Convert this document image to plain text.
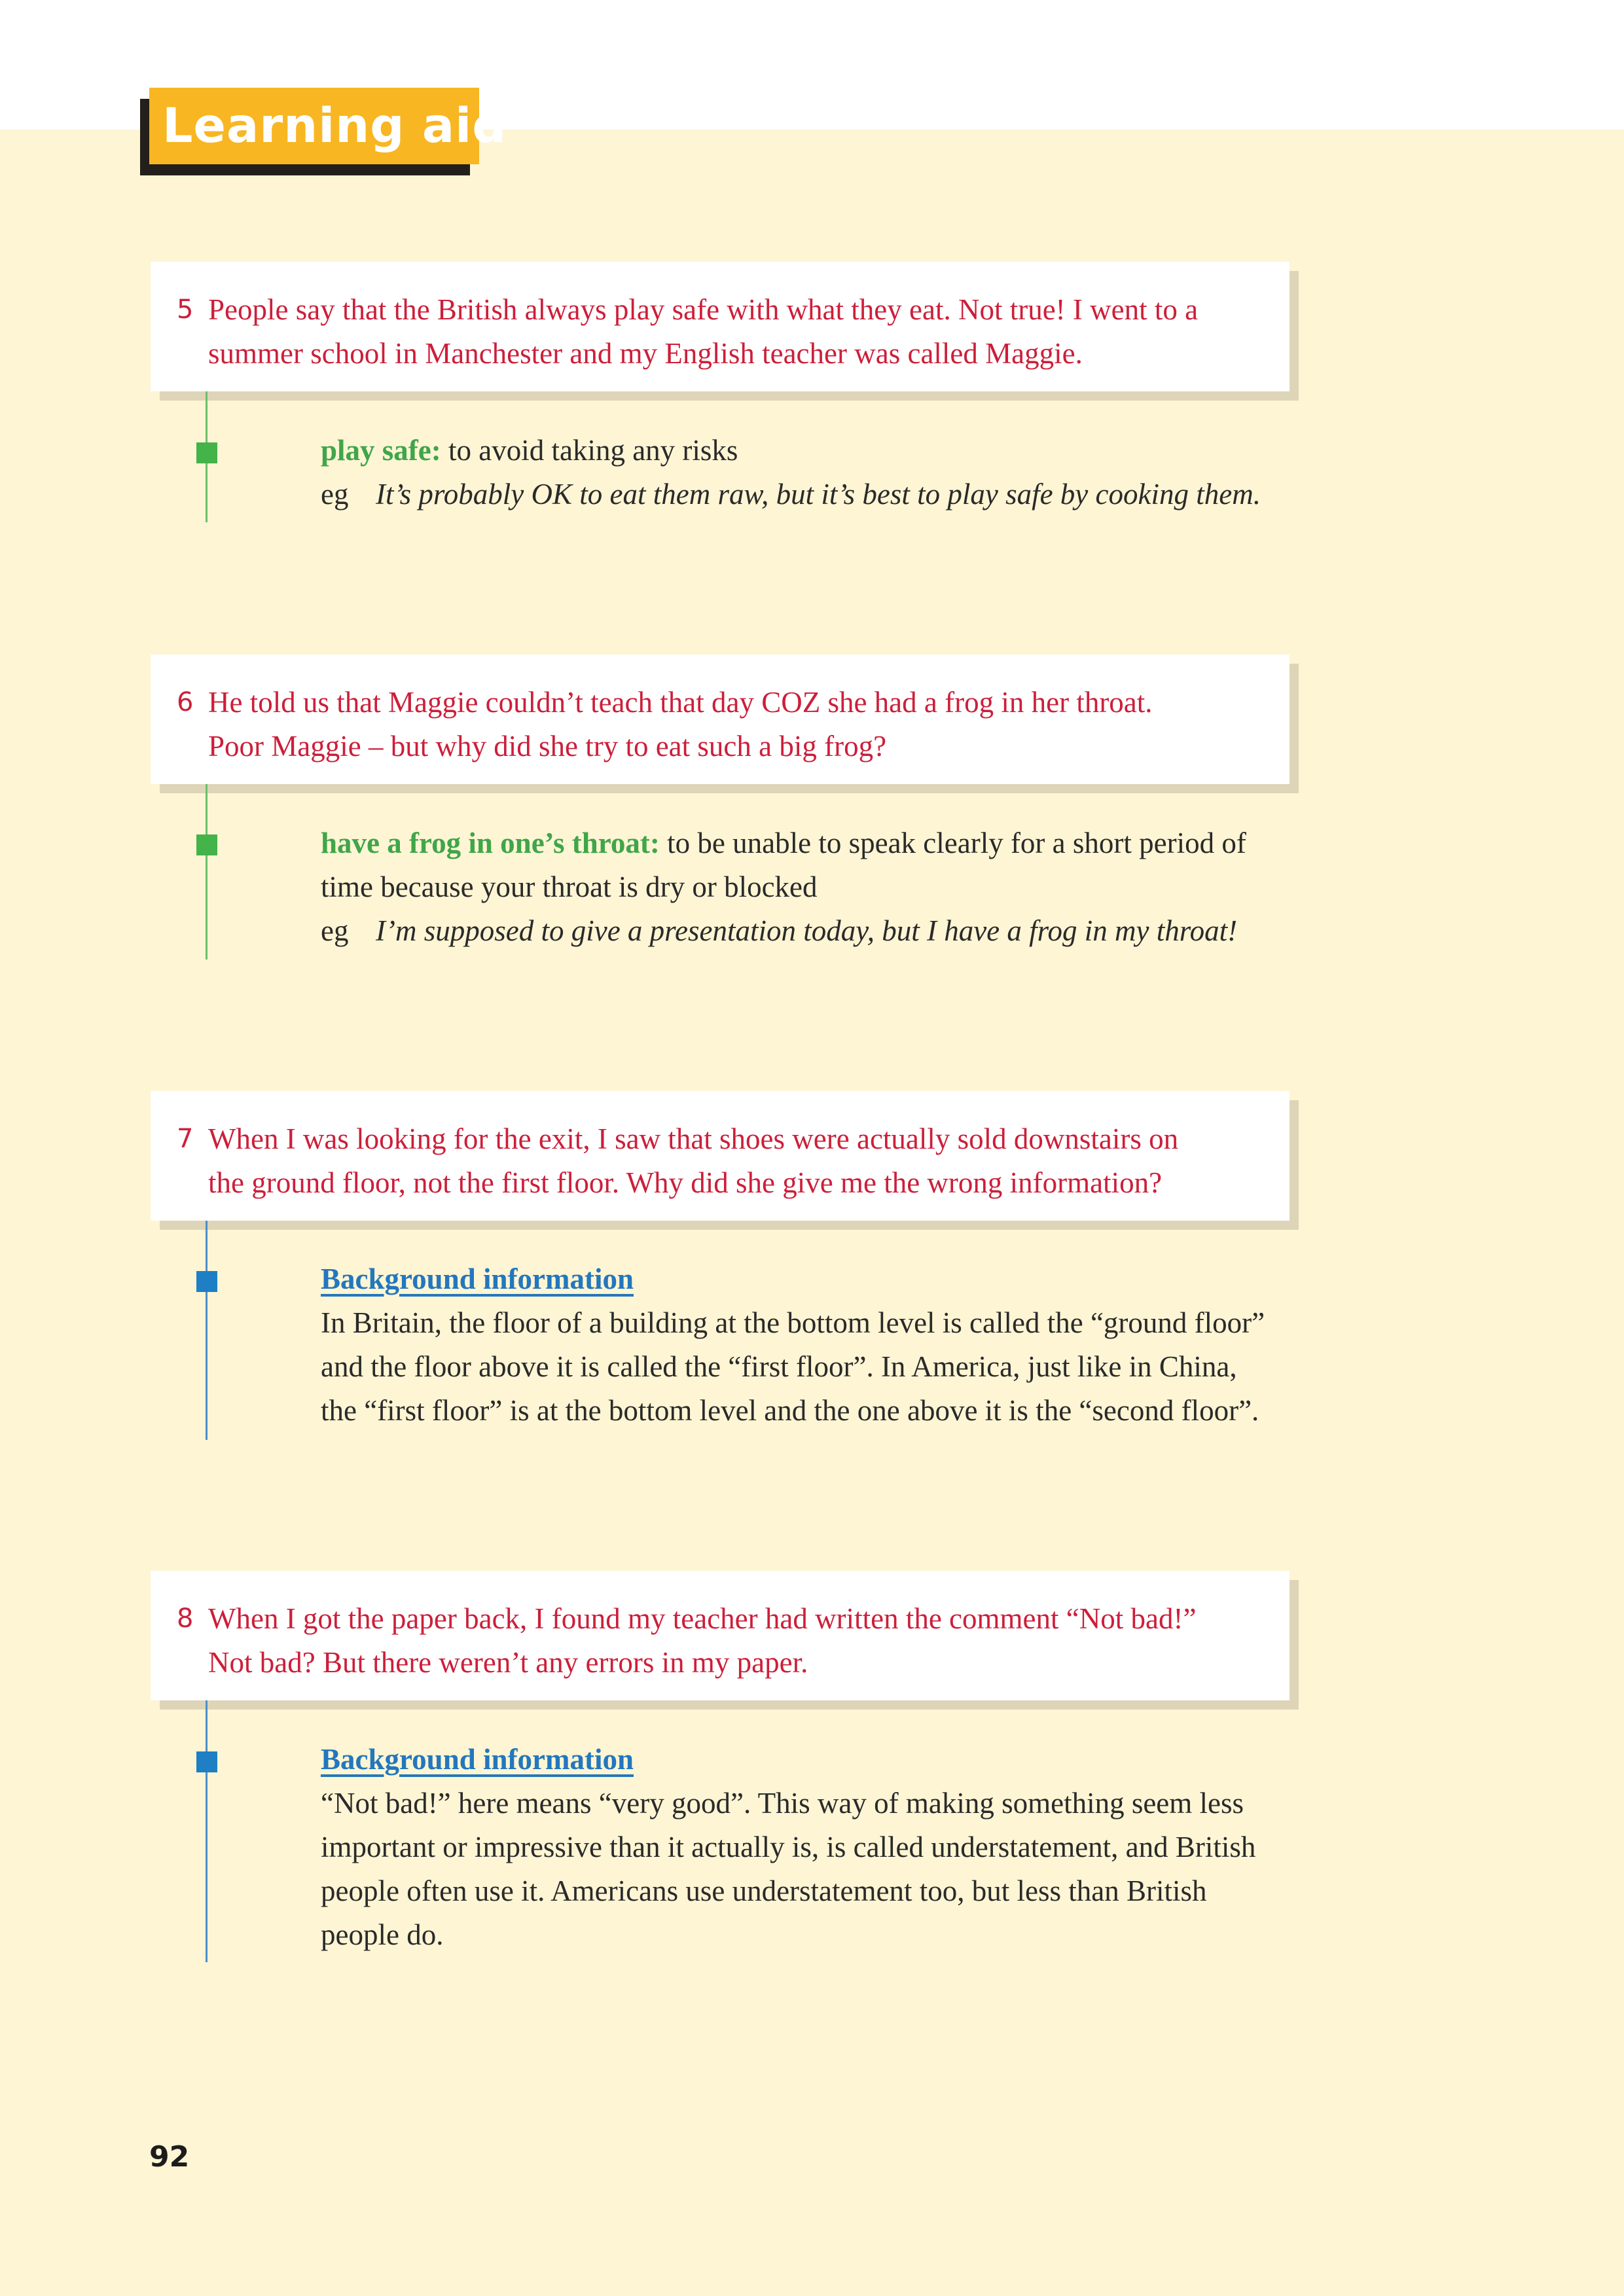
Learning aid
5 People say that the British always play safe with what they eat. Not true! I went to a
summer school in Manchester and my English teacher was called Maggie.
play safe: to avoid taking any risks
eg It’s probably OK to eat them raw, but it’s best to play safe by cooking them.
6 He told us that Maggie couldn’t teach that day COZ she had a frog in her throat.
Poor Maggie – but why did she try to eat such a big frog?
have a frog in one’s throat: to be unable to speak clearly for a short period of
time because your throat is dry or blocked
eg I’m supposed to give a presentation today, but I have a frog in my throat!
7 When I was looking for the exit, I saw that shoes were actually sold downstairs on
the ground floor, not the first floor. Why did she give me the wrong information?
Background information
In Britain, the floor of a building at the bottom level is called the “ground floor”
and the floor above it is called the “first floor”. In America, just like in China,
the “first floor” is at the bottom level and the one above it is the “second floor”.
8 When I got the paper back, I found my teacher had written the comment “Not bad!”
Not bad? But there weren’t any errors in my paper.
Background information
“Not bad!” here means “very good”. This way of making something seem less
important or impressive than it actually is, is called understatement, and British
people often use it. Americans use understatement too, but less than British
people do.
92
